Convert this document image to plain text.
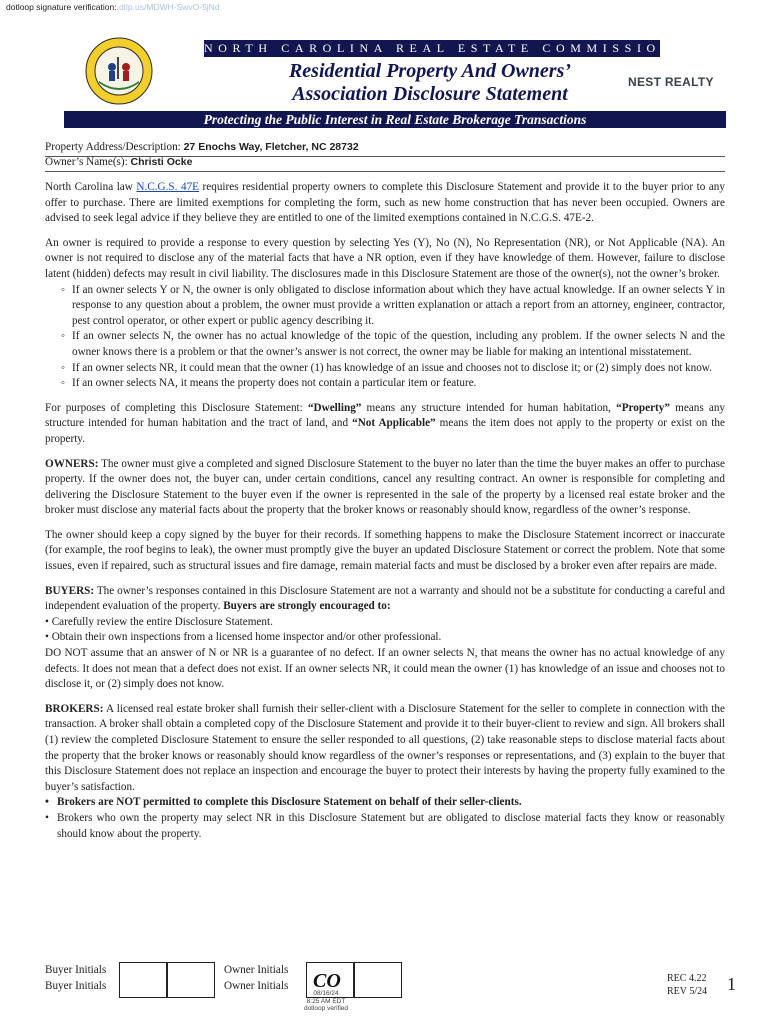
dotloop signature verification: dtlp.us/MDWH-SwvO-5jNd
NORTH CAROLINA REAL ESTATE COMMISSION
Residential Property And Owners’
Association Disclosure Statement
NEST REALTY
Protecting the Public Interest in Real Estate Brokerage Transactions
Property Address/Description: 27 Enochs Way, Fletcher, NC 28732
Owner’s Name(s): Christi Ocke

North Carolina law N.C.G.S. 47E requires residential property owners to complete this Disclosure Statement and provide it to the buyer prior to any offer to purchase. There are limited exemptions for completing the form, such as new home construction that has never been occupied. Owners are advised to seek legal advice if they believe they are entitled to one of the limited exemptions contained in N.C.G.S. 47E-2.

An owner is required to provide a response to every question by selecting Yes (Y), No (N), No Representation (NR), or Not Applicable (NA). An owner is not required to disclose any of the material facts that have a NR option, even if they have knowledge of them. However, failure to disclose latent (hidden) defects may result in civil liability. The disclosures made in this Disclosure Statement are those of the owner(s), not the owner’s broker.

◦ If an owner selects Y or N, the owner is only obligated to disclose information about which they have actual knowledge. If an owner selects Y in response to any question about a problem, the owner must provide a written explanation or attach a report from an attorney, engineer, contractor, pest control operator, or other expert or public agency describing it.
◦ If an owner selects N, the owner has no actual knowledge of the topic of the question, including any problem. If the owner selects N and the owner knows there is a problem or that the owner’s answer is not correct, the owner may be liable for making an intentional misstatement.
◦ If an owner selects NR, it could mean that the owner (1) has knowledge of an issue and chooses not to disclose it; or (2) simply does not know.
◦ If an owner selects NA, it means the property does not contain a particular item or feature.

For purposes of completing this Disclosure Statement: “Dwelling” means any structure intended for human habitation, “Property” means any structure intended for human habitation and the tract of land, and “Not Applicable” means the item does not apply to the property or exist on the property.

OWNERS: The owner must give a completed and signed Disclosure Statement to the buyer no later than the time the buyer makes an offer to purchase property. If the owner does not, the buyer can, under certain conditions, cancel any resulting contract. An owner is responsible for completing and delivering the Disclosure Statement to the buyer even if the owner is represented in the sale of the property by a licensed real estate broker and the broker must disclose any material facts about the property that the broker knows or reasonably should know, regardless of the owner’s response.

The owner should keep a copy signed by the buyer for their records. If something happens to make the Disclosure Statement incorrect or inaccurate (for example, the roof begins to leak), the owner must promptly give the buyer an updated Disclosure Statement or correct the problem. Note that some issues, even if repaired, such as structural issues and fire damage, remain material facts and must be disclosed by a broker even after repairs are made.

BUYERS: The owner’s responses contained in this Disclosure Statement are not a warranty and should not be a substitute for conducting a careful and independent evaluation of the property. Buyers are strongly encouraged to:
• Carefully review the entire Disclosure Statement.
• Obtain their own inspections from a licensed home inspector and/or other professional.
DO NOT assume that an answer of N or NR is a guarantee of no defect. If an owner selects N, that means the owner has no actual knowledge of any defects. It does not mean that a defect does not exist. If an owner selects NR, it could mean the owner (1) has knowledge of an issue and chooses not to disclose it, or (2) simply does not know.

BROKERS: A licensed real estate broker shall furnish their seller-client with a Disclosure Statement for the seller to complete in connection with the transaction. A broker shall obtain a completed copy of the Disclosure Statement and provide it to their buyer-client to review and sign. All brokers shall (1) review the completed Disclosure Statement to ensure the seller responded to all questions, (2) take reasonable steps to disclose material facts about the property that the broker knows or reasonably should know regardless of the owner’s responses or representations, and (3) explain to the buyer that this Disclosure Statement does not replace an inspection and encourage the buyer to protect their interests by having the property fully examined to the buyer’s satisfaction.
• Brokers are NOT permitted to complete this Disclosure Statement on behalf of their seller-clients.
• Brokers who own the property may select NR in this Disclosure Statement but are obligated to disclose material facts they know or reasonably should know about the property.

Buyer Initials
Buyer Initials
Owner Initials
Owner Initials CO
08/16/24
8:25 AM EDT
dotloop verified
REC 4.22
REV 5/24 1
